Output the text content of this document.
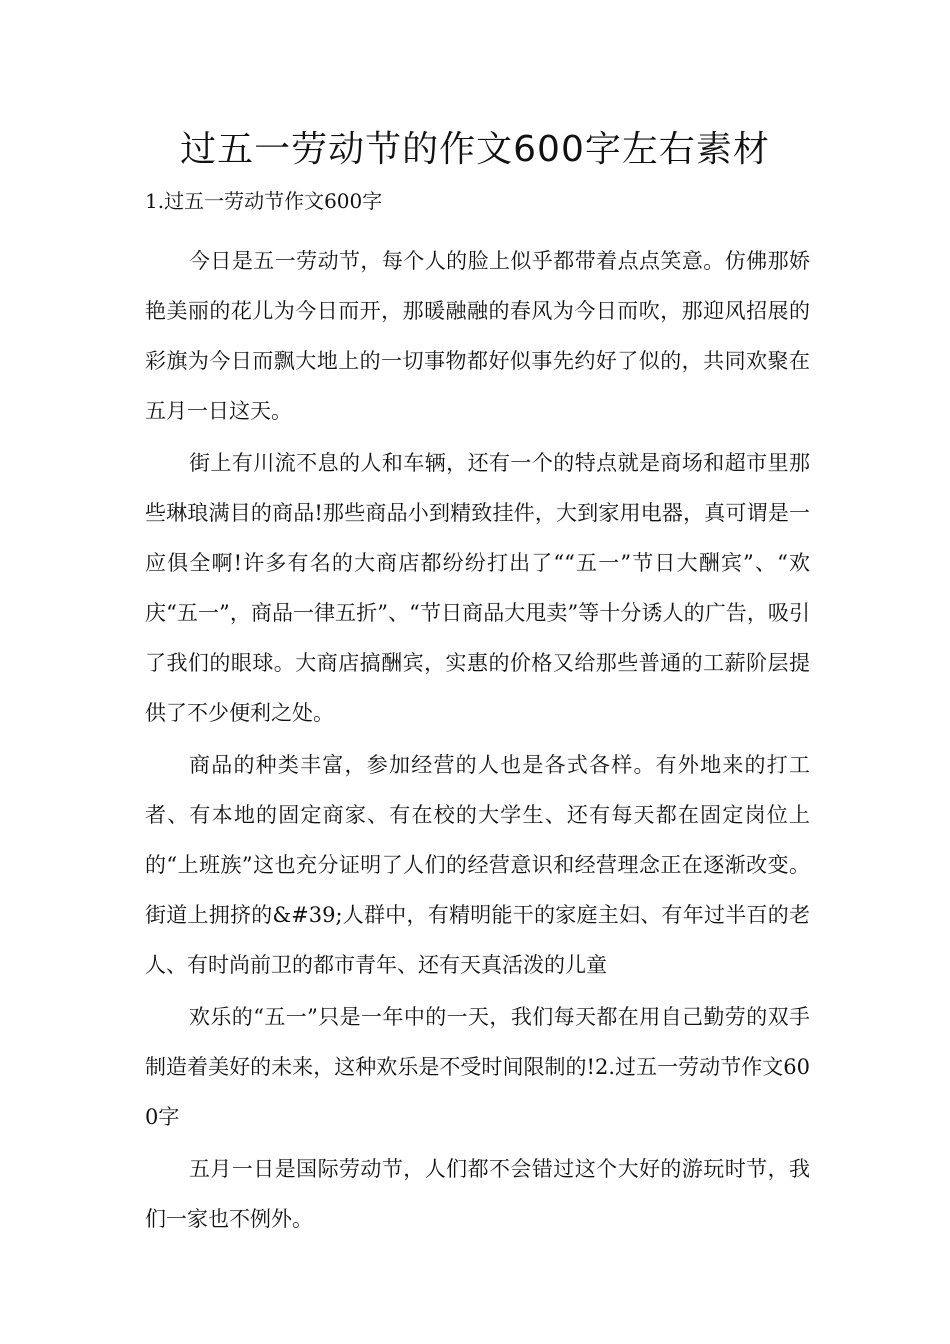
过五一劳动节的作文600字左右素材
1.过五一劳动节作文600字

今日是五一劳动节，每个人的脸上似乎都带着点点笑意。仿佛那娇艳美丽的花儿为今日而开，那暖融融的春风为今日而吹，那迎风招展的彩旗为今日而飘大地上的一切事物都好似事先约好了似的，共同欢聚在五月一日这天。

街上有川流不息的人和车辆，还有一个的特点就是商场和超市里那些琳琅满目的商品!那些商品小到精致挂件，大到家用电器，真可谓是一应俱全啊!许多有名的大商店都纷纷打出了““五一”节日大酬宾”、“欢庆“五一”，商品一律五折”、“节日商品大甩卖”等十分诱人的广告，吸引了我们的眼球。大商店搞酬宾，实惠的价格又给那些普通的工薪阶层提供了不少便利之处。

商品的种类丰富，参加经营的人也是各式各样。有外地来的打工者、有本地的固定商家、有在校的大学生、还有每天都在固定岗位上的“上班族”这也充分证明了人们的经营意识和经营理念正在逐渐改变。街道上拥挤的&#39;人群中，有精明能干的家庭主妇、有年过半百的老人、有时尚前卫的都市青年、还有天真活泼的儿童

欢乐的“五一”只是一年中的一天，我们每天都在用自己勤劳的双手制造着美好的未来，这种欢乐是不受时间限制的!2.过五一劳动节作文600字

五月一日是国际劳动节，人们都不会错过这个大好的游玩时节，我们一家也不例外。
